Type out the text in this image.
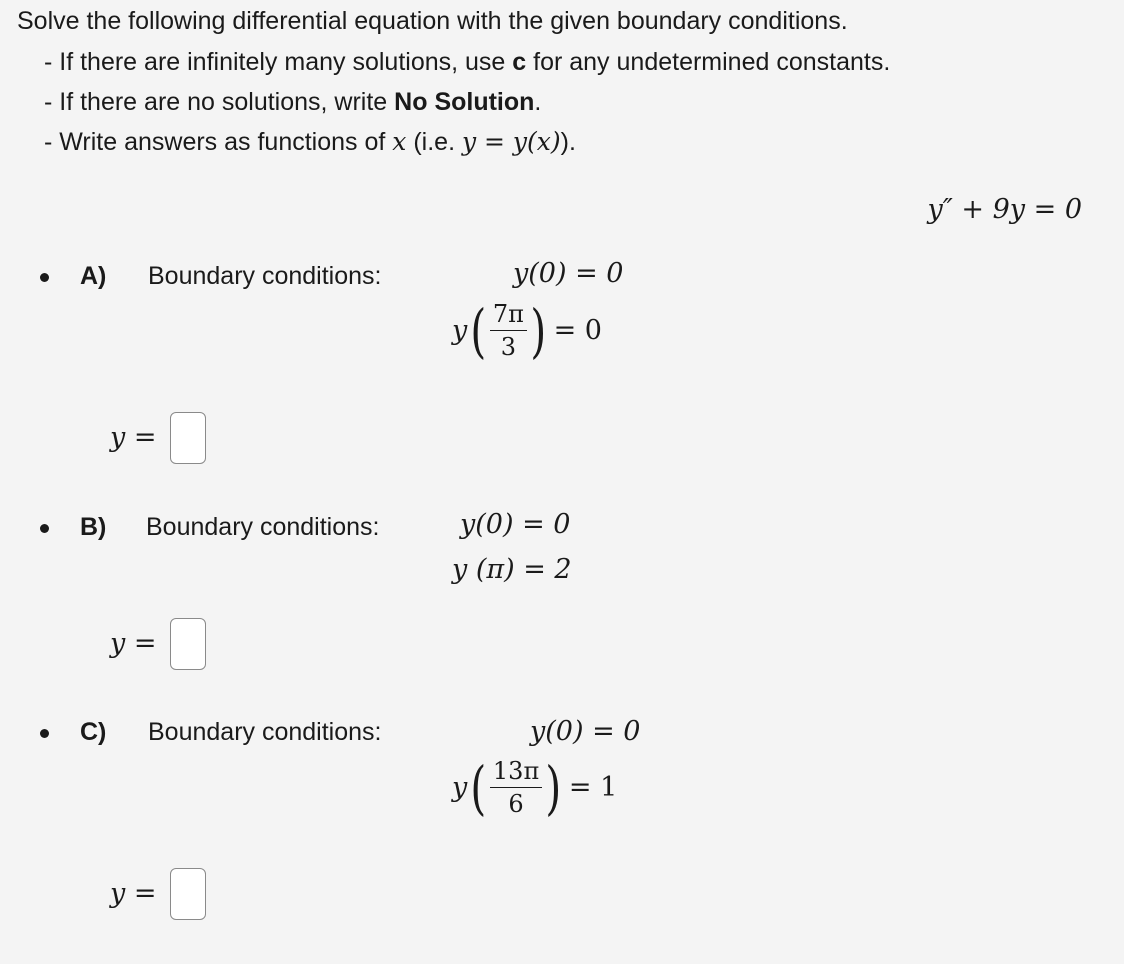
Solve the following differential equation with the given boundary conditions.
- If there are infinitely many solutions, use c for any undetermined constants.
- If there are no solutions, write No Solution.
- Write answers as functions of x (i.e. y = y(x)).
y″ + 9y = 0
A) Boundary conditions:	y(0) = 0
y ( $\frac{7\pi}{3}$ ) = 0
y =
B) Boundary conditions:	y(0) = 0
y (π) = 2
y =
C) Boundary conditions:	y(0) = 0
y ( $\frac{13\pi}{6}$ ) = 1
y =
